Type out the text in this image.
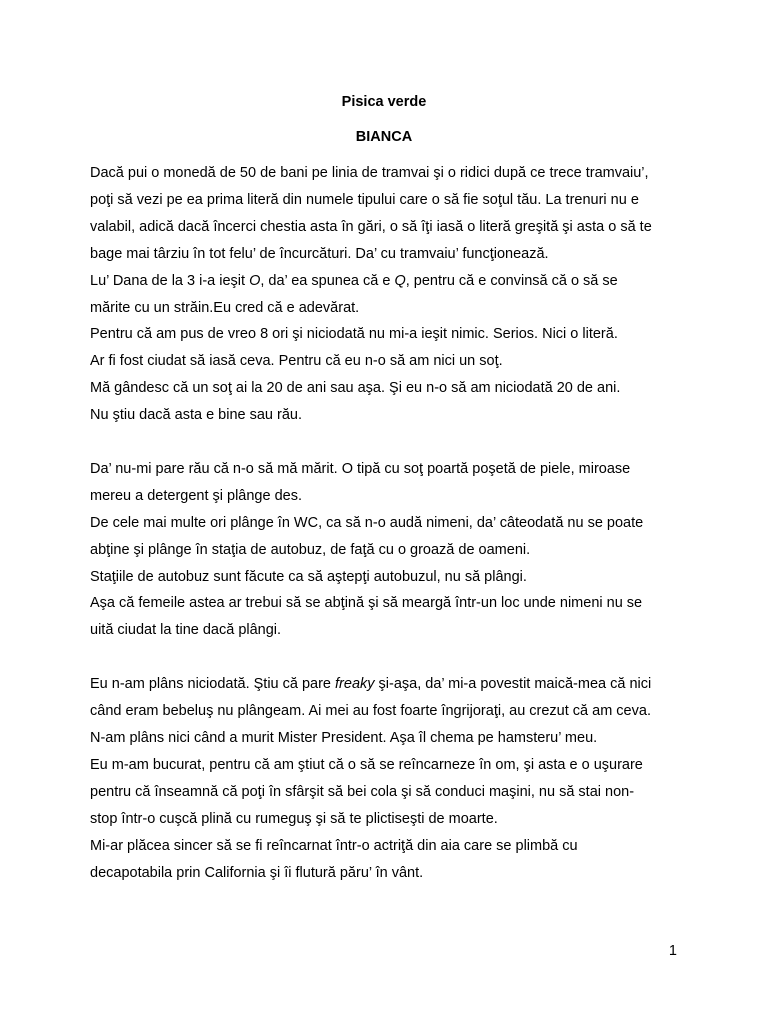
Pisica verde
BIANCA

Dacă pui o monedă de 50 de bani pe linia de tramvai şi o ridici după ce trece tramvaiu’,

poţi să vezi pe ea prima literă din numele tipului care o să fie soţul tău. La trenuri nu e

valabil, adică dacă încerci chestia asta în gări, o să îţi iasă o literă greşită şi asta o să te

bage mai târziu în tot felu’ de încurcături. Da’ cu tramvaiu’ funcţionează.

Lu’ Dana de la 3 i-a ieşit O, da’ ea spunea că e Q, pentru că e convinsă că o să se

mărite cu un străin.Eu cred că e adevărat.

Pentru că am pus de vreo 8 ori şi niciodată nu mi-a ieşit nimic. Serios. Nici o literă.

Ar fi fost ciudat să iasă ceva. Pentru că eu n-o să am nici un soţ.

Mă gândesc că un soţ ai la 20 de ani sau aşa. Şi eu n-o să am niciodată 20 de ani.

Nu ştiu dacă asta e bine sau rău.

Da’ nu-mi pare rău că n-o să mă mărit. O tipă cu soţ poartă poşetă de piele, miroase

mereu a detergent şi plânge des.

De cele mai multe ori plânge în WC, ca să n-o audă nimeni, da’ câteodată nu se poate

abţine şi plânge în staţia de autobuz, de faţă cu o groază de oameni.

Staţiile de autobuz sunt făcute ca să aştepţi autobuzul, nu să plângi.

Aşa că femeile astea ar trebui să se abţină şi să meargă într-un loc unde nimeni nu se

uită ciudat la tine dacă plângi.

Eu n-am plâns niciodată. Ştiu că pare freaky şi-aşa, da’ mi-a povestit maică-mea că nici

când eram bebeluş nu plângeam. Ai mei au fost foarte îngrijoraţi, au crezut că am ceva.

N-am plâns nici când a murit Mister President. Aşa îl chema pe hamsteru’ meu.

Eu m-am bucurat, pentru că am ştiut că o să se reîncarneze în om, şi asta e o uşurare

pentru că înseamnă că poţi în sfârşit să bei cola şi să conduci maşini, nu să stai non-

stop într-o cuşcă plină cu rumeguş şi să te plictiseşti de moarte.

Mi-ar plăcea sincer să se fi reîncarnat într-o actriţă din aia care se plimbă cu

decapotabila prin California şi îi flutură păru’ în vânt.

1
